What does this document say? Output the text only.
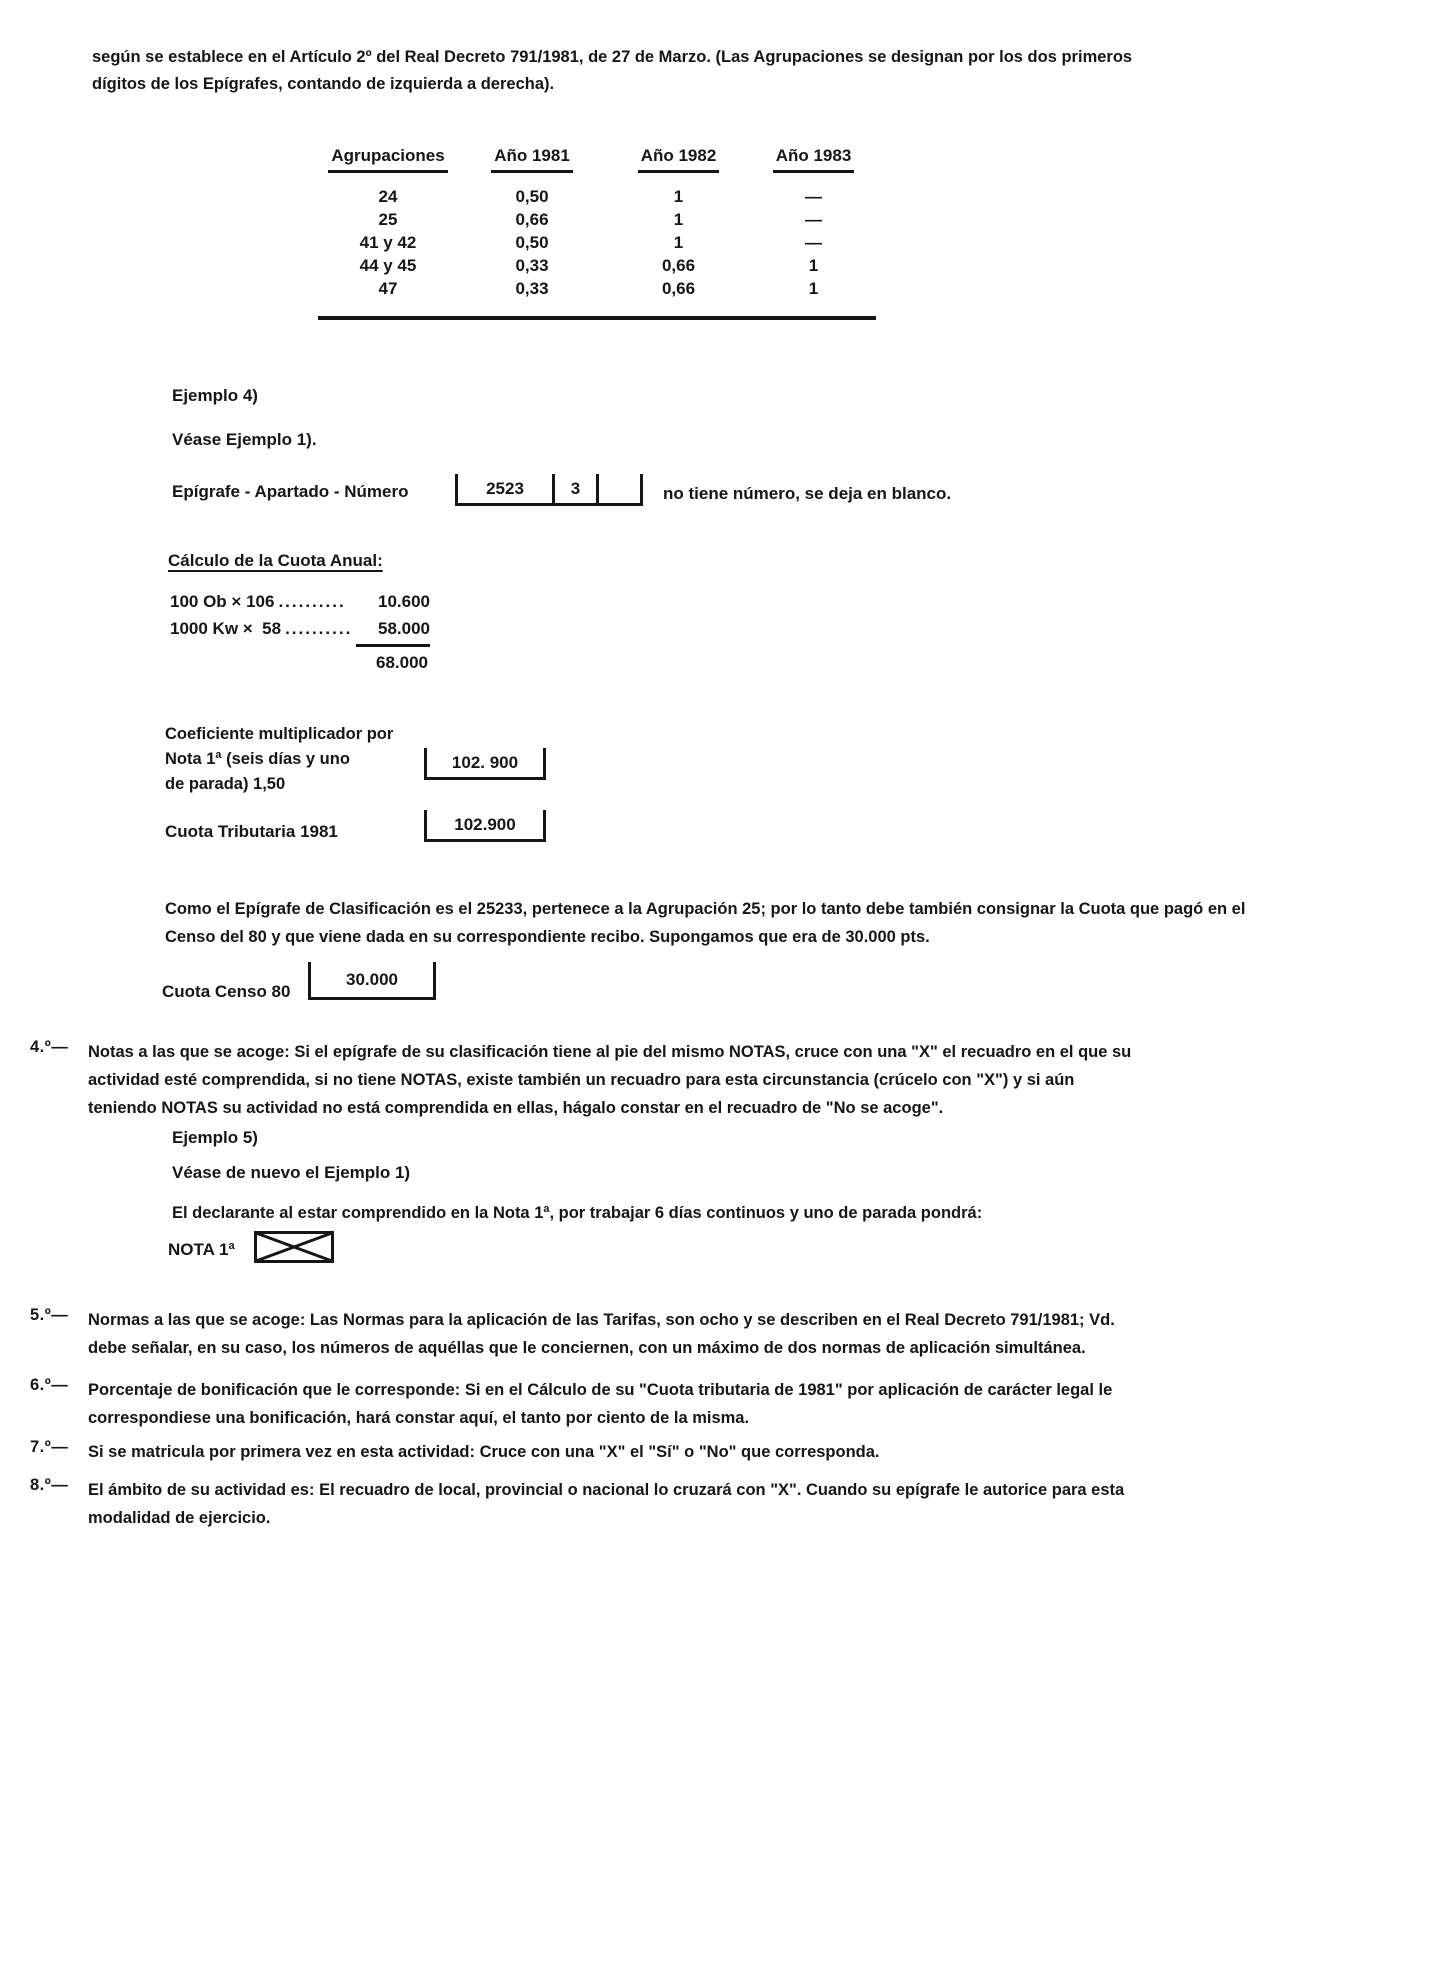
según se establece en el Artículo 2º del Real Decreto 791/1981, de 27 de Marzo. (Las Agrupaciones se designan por los dos primeros dígitos de los Epígrafes, contando de izquierda a derecha).

Agrupaciones	Año 1981	Año 1982	Año 1983
24	0,50	1	—
25	0,66	1	—
41 y 42	0,50	1	—
44 y 45	0,33	0,66	1
47	0,33	0,66	1
Ejemplo 4)
Véase Ejemplo 1).
Epígrafe - Apartado - Número	2523	3	no tiene número, se deja en blanco.
Cálculo de la Cuota Anual:
100 Ob × 106 ..........	10.600
1000 Kw ×  58 ..........	58.000
68.000
Coeficiente multiplicador por
Nota 1ª (seis días y uno
de parada) 1,50
102. 900
Cuota Tributaria 1981	102.900

Como el Epígrafe de Clasificación es el 25233, pertenece a la Agrupación 25; por lo tanto debe también consignar la Cuota que pagó en el Censo del 80 y que viene dada en su correspondiente recibo. Supongamos que era de 30.000 pts.

Cuota Censo 80
30.000
4.º—	Notas a las que se acoge: Si el epígrafe de su clasificación tiene al pie del mismo NOTAS, cruce con una "X" el recuadro en el que su actividad esté comprendida, si no tiene NOTAS, existe también un recuadro para esta circunstancia (crúcelo con "X") y si aún teniendo NOTAS su actividad no está comprendida en ellas, hágalo constar en el recuadro de "No se acoge".
Ejemplo 5)
Véase de nuevo el Ejemplo 1)
El declarante al estar comprendido en la Nota 1ª, por trabajar 6 días continuos y uno de parada pondrá:
NOTA 1ª
5.º—	Normas a las que se acoge: Las Normas para la aplicación de las Tarifas, son ocho y se describen en el Real Decreto 791/1981; Vd. debe señalar, en su caso, los números de aquéllas que le conciernen, con un máximo de dos normas de aplicación simultánea.
6.º—	Porcentaje de bonificación que le corresponde: Si en el Cálculo de su "Cuota tributaria de 1981" por aplicación de carácter legal le correspondiese una bonificación, hará constar aquí, el tanto por ciento de la misma.
7.º—	Si se matricula por primera vez en esta actividad: Cruce con una "X" el "Sí" o "No" que corresponda.
8.º—	El ámbito de su actividad es: El recuadro de local, provincial o nacional lo cruzará con "X". Cuando su epígrafe le autorice para esta modalidad de ejercicio.
